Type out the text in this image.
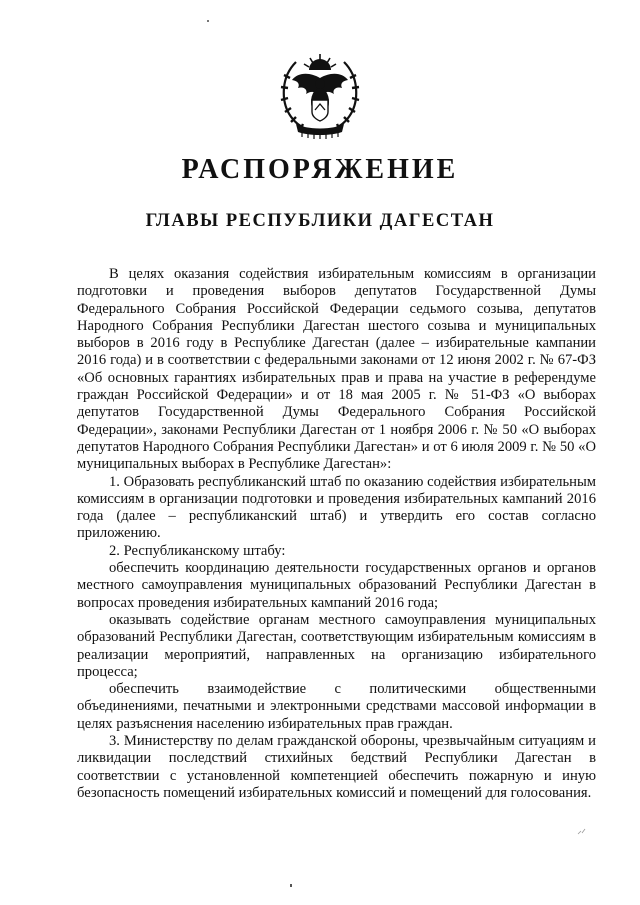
РАСПОРЯЖЕНИЕ
ГЛАВЫ РЕСПУБЛИКИ ДАГЕСТАН

В целях оказания содействия избирательным комиссиям в организации подготовки и проведения выборов депутатов Государственной Думы Федерального Собрания Российской Федерации седьмого созыва, депутатов Народного Собрания Республики Дагестан шестого созыва и муниципальных выборов в 2016 году в Республике Дагестан (далее – избирательные кампании 2016 года) и в соответствии с федеральными законами от 12 июня 2002 г. № 67-ФЗ «Об основных гарантиях избирательных прав и права на участие в референдуме граждан Российской Федерации» и от 18 мая 2005 г. № 51-ФЗ «О выборах депутатов Государственной Думы Федерального Собрания Российской Федерации», законами Республики Дагестан от 1 ноября 2006 г. № 50 «О выборах депутатов Народного Собрания Республики Дагестан» и от 6 июля 2009 г. № 50 «О муниципальных выборах в Республике Дагестан»:

1. Образовать республиканский штаб по оказанию содействия избирательным комиссиям в организации подготовки и проведения избирательных кампаний 2016 года (далее – республиканский штаб) и утвердить его состав согласно приложению.

2. Республиканскому штабу:

обеспечить координацию деятельности государственных органов и органов местного самоуправления муниципальных образований Республики Дагестан в вопросах проведения избирательных кампаний 2016 года;

оказывать содействие органам местного самоуправления муниципальных образований Республики Дагестан, соответствующим избирательным комиссиям в реализации мероприятий, направленных на организацию избирательного процесса;

обеспечить взаимодействие с политическими общественными объединениями, печатными и электронными средствами массовой информации в целях разъяснения населению избирательных прав граждан.

3. Министерству по делам гражданской обороны, чрезвычайным ситуациям и ликвидации последствий стихийных бедствий Республики Дагестан в соответствии с установленной компетенцией обеспечить пожарную и иную безопасность помещений избирательных комиссий и помещений для голосования.
